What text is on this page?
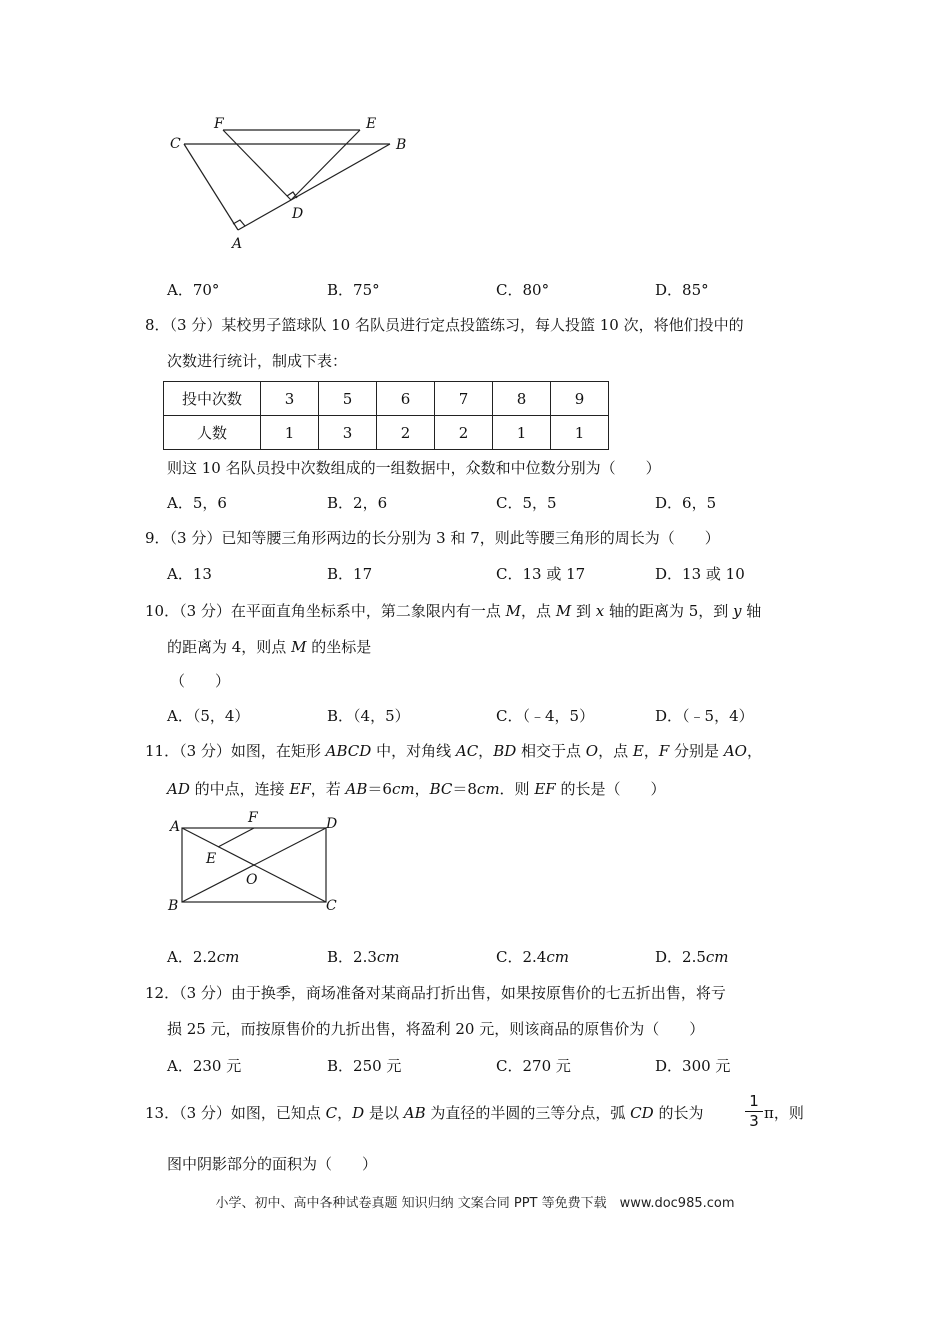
C
F	E
B
D
A
A．70°	B．75°	C．80°	D．85°
8．（3 分）某校男子篮球队 10 名队员进行定点投篮练习，每人投篮 10 次，将他们投中的
次数进行统计，制成下表：
投中次数	3	5	6	7	8	9
人数	1	3	2	2	1	1
则这 10 名队员投中次数组成的一组数据中，众数和中位数分别为（　　）
A．5，6	B．2，6	C．5，5	D．6，5
9．（3 分）已知等腰三角形两边的长分别为 3 和 7，则此等腰三角形的周长为（　　）
A．13	B．17	C．13 或 17	D．13 或 10
10．（3 分）在平面直角坐标系中，第二象限内有一点 M，点 M 到 x 轴的距离为 5，到 y 轴
的距离为 4，则点 M 的坐标是
（　　）
A．（5，4）	B．（4，5）	C．（﹣4，5）	D．（﹣5，4）
11．（3 分）如图，在矩形 ABCD 中，对角线 AC，BD 相交于点 O，点 E，F 分别是 AO，
AD 的中点，连接 EF，若 AB＝6cm，BC＝8cm．则 EF 的长是（　　）
A
F	D
E
O
B	C
A．2.2cm	B．2.3cm	C．2.4cm	D．2.5cm
12．（3 分）由于换季，商场准备对某商品打折出售，如果按原售价的七五折出售，将亏
损 25 元，而按原售价的九折出售，将盈利 20 元，则该商品的原售价为（　　）
A．230 元	B．250 元	C．270 元	D．300 元
13．（3 分）如图，已知点 C，D 是以 AB 为直径的半圆的三等分点，弧 CD 的长为
1
3 π，则
图中阴影部分的面积为（　　）
小学、初中、高中各种试卷真题 知识归纳 文案合同 PPT 等免费下载　www.doc985.com
